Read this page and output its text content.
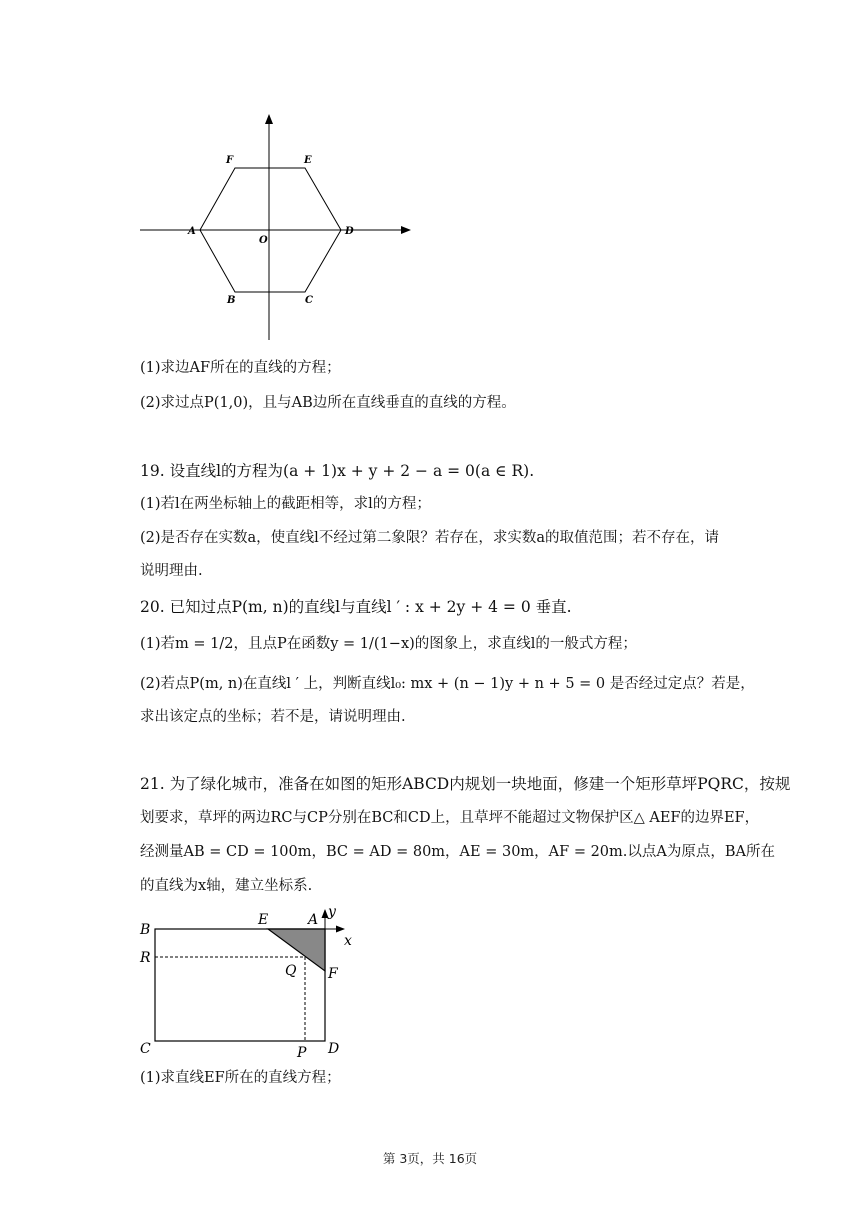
F	E
A
O
D
B	C
(1)求边AF所在的直线的方程；
(2)求过点P(1,0)，且与AB边所在直线垂直的直线的方程。
19. 设直线l的方程为(a + 1)x + y + 2 − a = 0(a ∈ R).
(1)若l在两坐标轴上的截距相等，求l的方程；
(2)是否存在实数a，使直线l不经过第二象限？若存在，求实数a的取值范围；若不存在，请
说明理由.
20. 已知过点P(m, n)的直线l与直线l ′ : x + 2y + 4 = 0 垂直.
(1)若m = 1/2，且点P在函数y = 1/(1−x)的图象上，求直线l的一般式方程；
(2)若点P(m, n)在直线l ′ 上，判断直线l₀: mx + (n − 1)y + n + 5 = 0 是否经过定点？若是，
求出该定点的坐标；若不是，请说明理由.
21. 为了绿化城市，准备在如图的矩形ABCD内规划一块地面，修建一个矩形草坪PQRC，按规
划要求，草坪的两边RC与CP分别在BC和CD上，且草坪不能超过文物保护区△ AEF的边界EF，
经测量AB = CD = 100m，BC = AD = 80m，AE = 30m，AF = 20m.以点A为原点，BA所在
的直线为x轴，建立坐标系.
B
E	A y
x
R
Q F
C	P D
(1)求直线EF所在的直线方程；
第 3页，共 16页
